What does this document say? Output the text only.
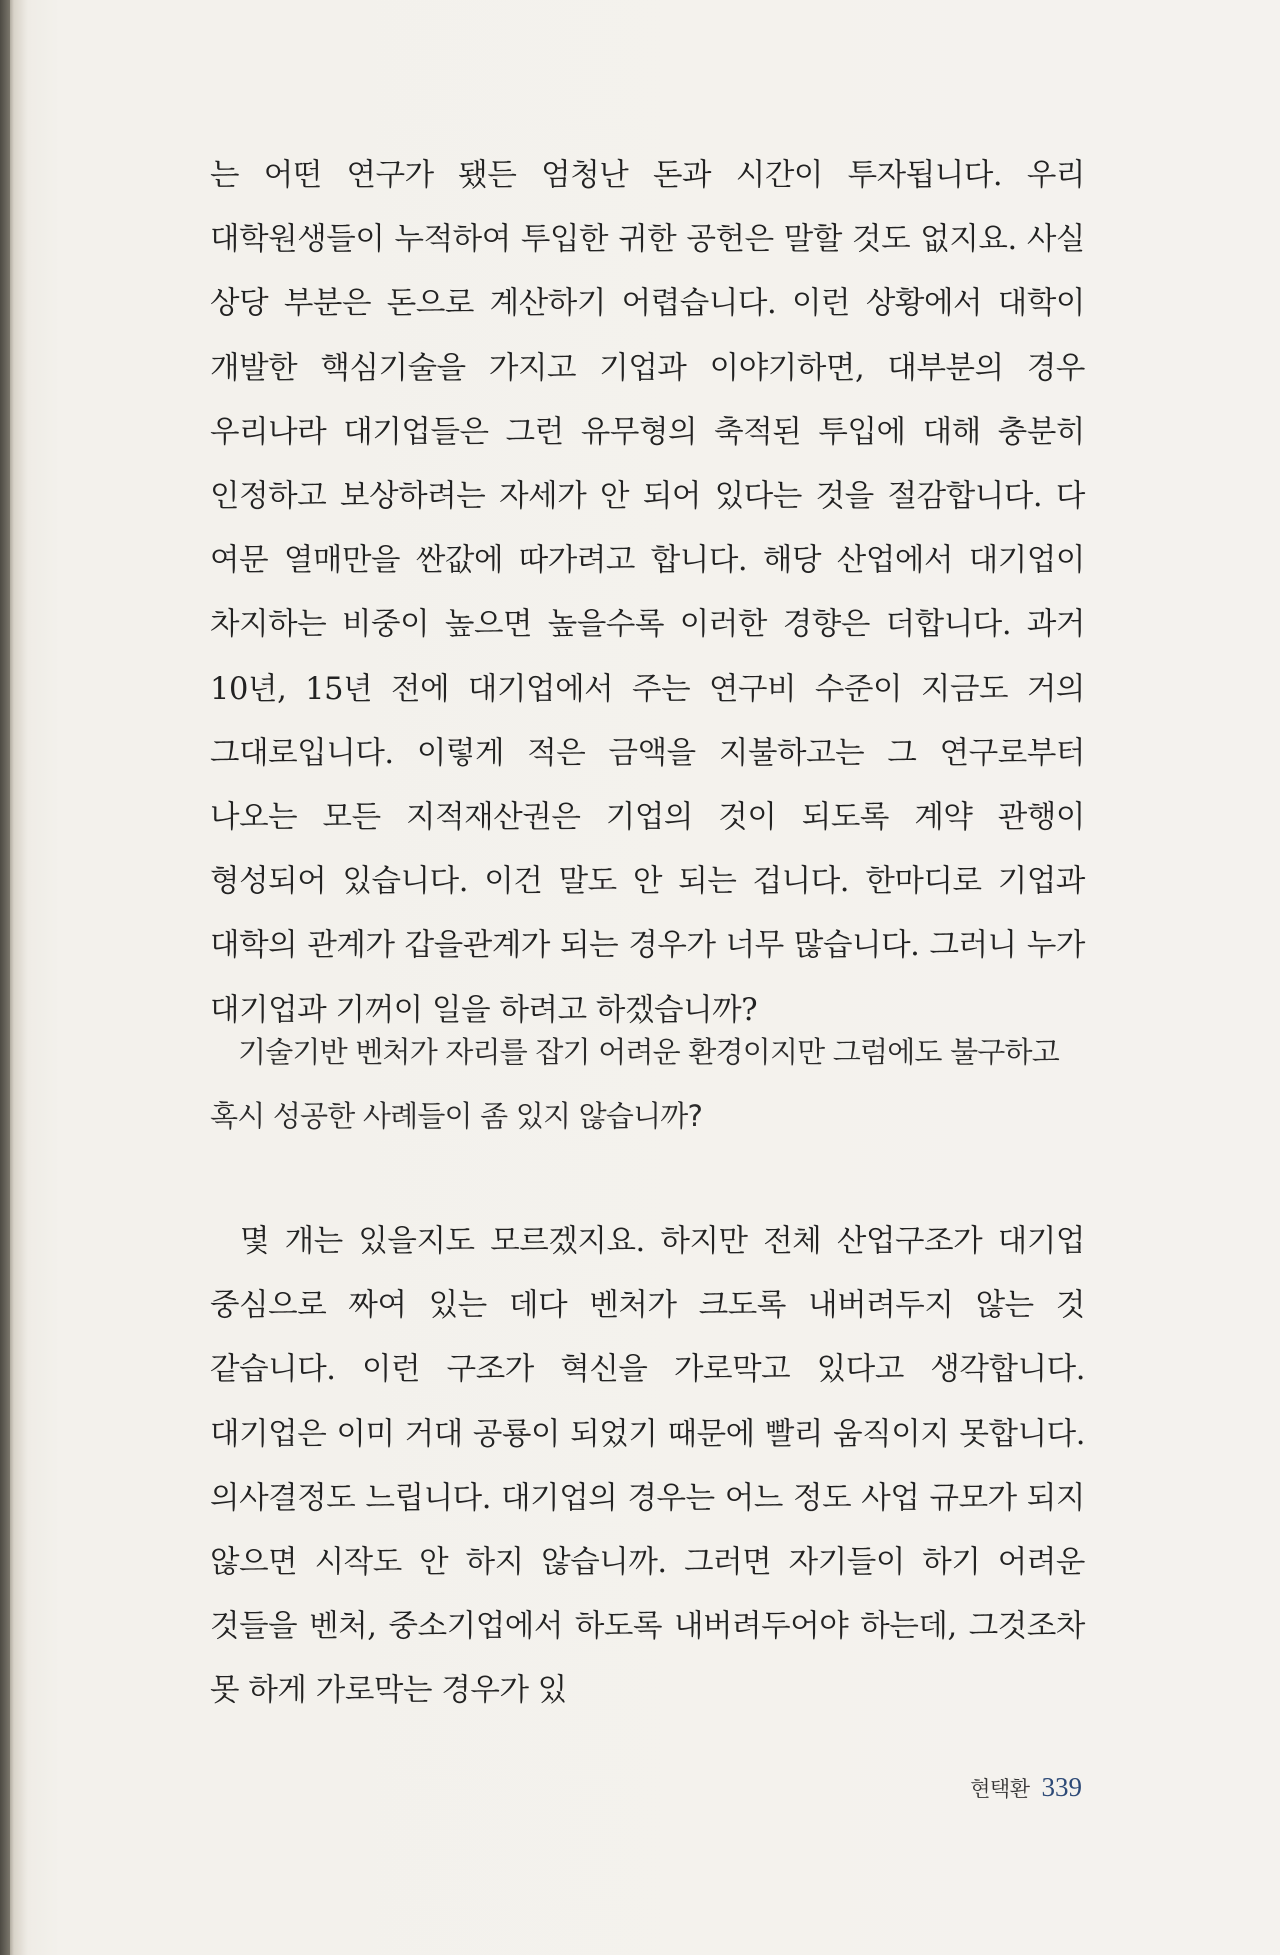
는 어떤 연구가 됐든 엄청난 돈과 시간이 투자됩니다. 우리 대학원생들이 누적하여 투입한 귀한 공헌은 말할 것도 없지요. 사실 상당 부분은 돈으로 계산하기 어렵습니다. 이런 상황에서 대학이 개발한 핵심기술을 가지고 기업과 이야기하면, 대부분의 경우 우리나라 대기업들은 그런 유무형의 축적된 투입에 대해 충분히 인정하고 보상하려는 자세가 안 되어 있다는 것을 절감합니다. 다 여문 열매만을 싼값에 따가려고 합니다. 해당 산업에서 대기업이 차지하는 비중이 높으면 높을수록 이러한 경향은 더합니다. 과거 10년, 15년 전에 대기업에서 주는 연구비 수준이 지금도 거의 그대로입니다. 이렇게 적은 금액을 지불하고는 그 연구로부터 나오는 모든 지적재산권은 기업의 것이 되도록 계약 관행이 형성되어 있습니다. 이건 말도 안 되는 겁니다. 한마디로 기업과 대학의 관계가 갑을관계가 되는 경우가 너무 많습니다. 그러니 누가 대기업과 기꺼이 일을 하려고 하겠습니까?

기술기반 벤처가 자리를 잡기 어려운 환경이지만 그럼에도 불구하고 혹시 성공한 사례들이 좀 있지 않습니까?
몇 개는 있을지도 모르겠지요. 하지만 전체 산업구조가 대기업 중심으로 짜여 있는 데다 벤처가 크도록 내버려두지 않는 것 같습니다. 이런 구조가 혁신을 가로막고 있다고 생각합니다. 대기업은 이미 거대 공룡이 되었기 때문에 빨리 움직이지 못합니다. 의사결정도 느립니다. 대기업의 경우는 어느 정도 사업 규모가 되지 않으면 시작도 안 하지 않습니까. 그러면 자기들이 하기 어려운 것들을 벤처, 중소기업에서 하도록 내버려두어야 하는데, 그것조차 못 하게 가로막는 경우가 있
현택환 339
